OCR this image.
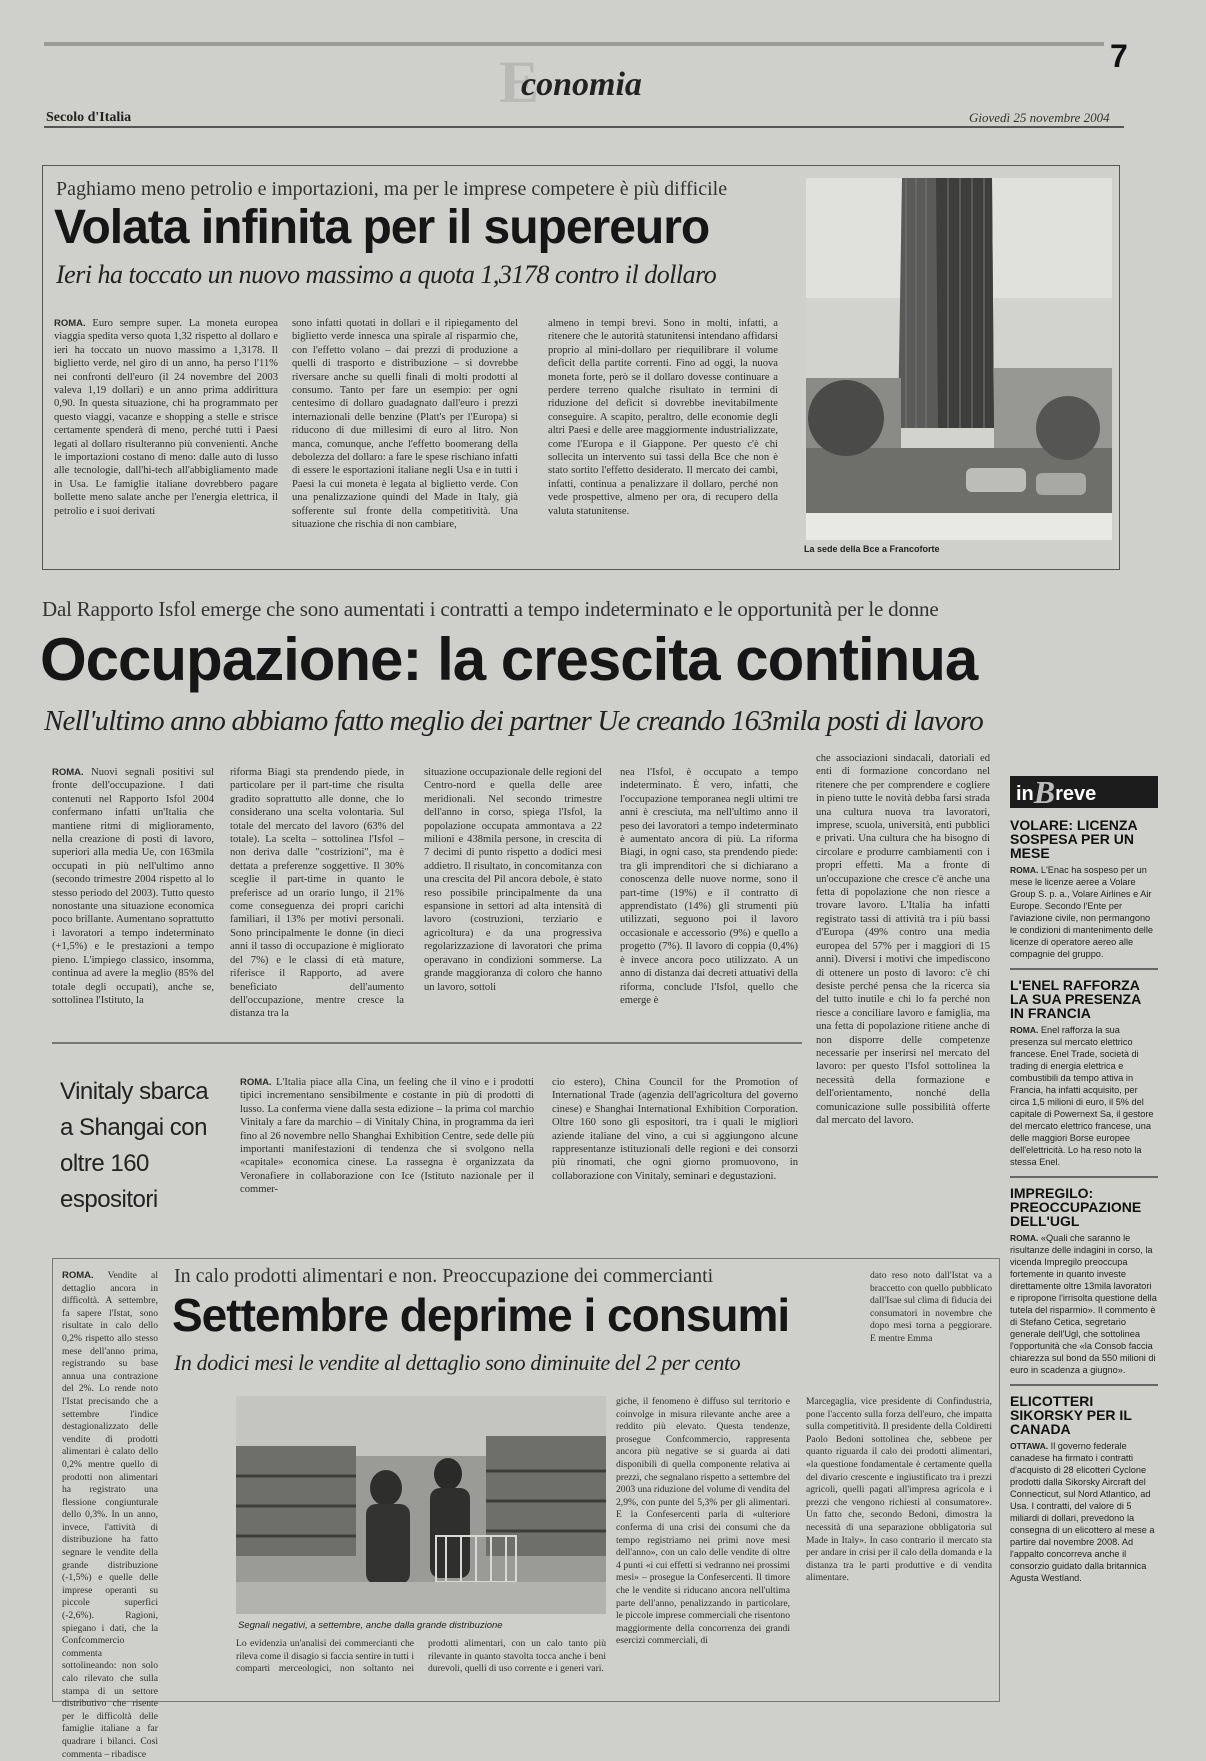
E
conomia
7
Secolo d'Italia	Giovedì 25 novembre 2004
Paghiamo meno petrolio e importazioni, ma per le imprese competere è più difficile
Volata infinita per il supereuro
Ieri ha toccato un nuovo massimo a quota 1,3178 contro il dollaro
ROMA. Euro sempre super. La moneta europea viaggia spedita verso quota 1,32 rispetto al dollaro e ieri ha toccato un nuovo massimo a 1,3178. Il biglietto verde, nel giro di un anno, ha perso l'11% nei confronti dell'euro (il 24 novembre del 2003 valeva 1,19 dollari) e un anno prima addirittura 0,90. In questa situazione, chi ha programmato per questo viaggi, vacanze e shopping a stelle e strisce certamente spenderà di meno, perché tutti i Paesi legati al dollaro risulteranno più convenienti. Anche le importazioni costano di meno: dalle auto di lusso alle tecnologie, dall'hi-tech all'abbigliamento made in Usa. Le famiglie italiane dovrebbero pagare bollette meno salate anche per l'energia elettrica, il petrolio e i suoi derivati
sono infatti quotati in dollari e il ripiegamento del biglietto verde innesca una spirale al risparmio che, con l'effetto volano – dai prezzi di produzione a quelli di trasporto e distribuzione – si dovrebbe riversare anche su quelli finali di molti prodotti al consumo. Tanto per fare un esempio: per ogni centesimo di dollaro guadagnato dall'euro i prezzi internazionali delle benzine (Platt's per l'Europa) si riducono di due millesimi di euro al litro. Non manca, comunque, anche l'effetto boomerang della debolezza del dollaro: a fare le spese rischiano infatti di essere le esportazioni italiane negli Usa e in tutti i Paesi la cui moneta è legata al biglietto verde. Con una penalizzazione quindi del Made in Italy, già sofferente sul fronte della competitività. Una situazione che rischia di non cambiare,
almeno in tempi brevi. Sono in molti, infatti, a ritenere che le autorità statunitensi intendano affidarsi proprio al mini-dollaro per riequilibrare il volume deficit della partite correnti. Fino ad oggi, la nuova moneta forte, però se il dollaro dovesse continuare a perdere terreno qualche risultato in termini di riduzione del deficit si dovrebbe inevitabilmente conseguire. A scapito, peraltro, delle economie degli altri Paesi e delle aree maggiormente industrializzate, come l'Europa e il Giappone. Per questo c'è chi sollecita un intervento sui tassi della Bce che non è stato sortito l'effetto desiderato. Il mercato dei cambi, infatti, continua a penalizzare il dollaro, perché non vede prospettive, almeno per ora, di recupero della valuta statunitense.
La sede della Bce a Francoforte
Dal Rapporto Isfol emerge che sono aumentati i contratti a tempo indeterminato e le opportunità per le donne
Occupazione: la crescita continua
Nell'ultimo anno abbiamo fatto meglio dei partner Ue creando 163mila posti di lavoro
ROMA. Nuovi segnali positivi sul fronte dell'occupazione. I dati contenuti nel Rapporto Isfol 2004 confermano infatti un'Italia che mantiene ritmi di miglioramento, nella creazione di posti di lavoro, superiori alla media Ue, con 163mila occupati in più nell'ultimo anno (secondo trimestre 2004 rispetto al lo stesso periodo del 2003). Tutto questo nonostante una situazione economica poco brillante. Aumentano soprattutto i lavoratori a tempo indeterminato (+1,5%) e le prestazioni a tempo pieno. L'impiego classico, insomma, continua ad avere la meglio (85% del totale degli occupati), anche se, sottolinea l'Istituto, la
riforma Biagi sta prendendo piede, in particolare per il part-time che risulta gradito soprattutto alle donne, che lo considerano una scelta volontaria. Sul totale del mercato del lavoro (63% del totale). La scelta – sottolinea l'Isfol – non deriva dalle "costrizioni", ma è dettata a preferenze soggettive. Il 30% sceglie il part-time in quanto le preferisce ad un orario lungo, il 21% come conseguenza dei propri carichi familiari, il 13% per motivi personali. Sono principalmente le donne (in dieci anni il tasso di occupazione è migliorato del 7%) e le classi di età mature, riferisce il Rapporto, ad avere beneficiato dell'aumento dell'occupazione, mentre cresce la distanza tra la
situazione occupazionale delle regioni del Centro-nord e quella delle aree meridionali. Nel secondo trimestre dell'anno in corso, spiega l'Isfol, la popolazione occupata ammontava a 22 milioni e 438mila persone, in crescita di 7 decimi di punto rispetto a dodici mesi addietro. Il risultato, in concomitanza con una crescita del Pil ancora debole, è stato reso possibile principalmente da una espansione in settori ad alta intensità di lavoro (costruzioni, terziario e agricoltura) e da una progressiva regolarizzazione di lavoratori che prima operavano in condizioni sommerse. La grande maggioranza di coloro che hanno un lavoro, sottoli
nea l'Isfol, è occupato a tempo indeterminato. È vero, infatti, che l'occupazione temporanea negli ultimi tre anni è cresciuta, ma nell'ultimo anno il peso dei lavoratori a tempo indeterminato è aumentato ancora di più. La riforma Biagi, in ogni caso, sta prendendo piede: tra gli imprenditori che si dichiarano a conoscenza delle nuove norme, sono il part-time (19%) e il contratto di apprendistato (14%) gli strumenti più utilizzati, seguono poi il lavoro occasionale e accessorio (9%) e quello a progetto (7%). Il lavoro di coppia (0,4%) è invece ancora poco utilizzato. A un anno di distanza dai decreti attuativi della riforma, conclude l'Isfol, quello che emerge è
che associazioni sindacali, datoriali ed enti di formazione concordano nel ritenere che per comprendere e cogliere in pieno tutte le novità debba farsi strada una cultura nuova tra lavoratori, imprese, scuola, università, enti pubblici e privati. Una cultura che ha bisogno di circolare e produrre cambiamenti con i propri effetti. Ma a fronte di un'occupazione che cresce c'è anche una fetta di popolazione che non riesce a trovare lavoro. L'Italia ha infatti registrato tassi di attività tra i più bassi d'Europa (49% contro una media europea del 57% per i maggiori di 15 anni). Diversi i motivi che impediscono di ottenere un posto di lavoro: c'è chi desiste perché pensa che la ricerca sia del tutto inutile e chi lo fa perché non riesce a conciliare lavoro e famiglia, ma una fetta di popolazione ritiene anche di non disporre delle competenze necessarie per inserirsi nel mercato del lavoro: per questo l'Isfol sottolinea la necessità della formazione e dell'orientamento, nonché della comunicazione sulle possibilità offerte dal mercato del lavoro.
Vinitaly sbarca a Shangai con oltre 160 espositori
ROMA. L'Italia piace alla Cina, un feeling che il vino e i prodotti tipici incrementano sensibilmente e costante in più di prodotti di lusso. La conferma viene dalla sesta edizione – la prima col marchio Vinitaly a fare da marchio – di Vinitaly China, in programma da ieri fino al 26 novembre nello Shanghai Exhibition Centre, sede delle più importanti manifestazioni di tendenza che si svolgono nella «capitale» economica cinese. La rassegna è organizzata da Veronafiere in collaborazione con Ice (Istituto nazionale per il commer-
cio estero), China Council for the Promotion of International Trade (agenzia dell'agricoltura del governo cinese) e Shanghai International Exhibition Corporation. Oltre 160 sono gli espositori, tra i quali le migliori aziende italiane del vino, a cui si aggiungono alcune rappresentanze istituzionali delle regioni e dei consorzi più rinomati, che ogni giorno promuovono, in collaborazione con Vinitaly, seminari e degustazioni.
in B reve
VOLARE: LICENZA SOSPESA PER UN MESE
ROMA. L'Enac ha sospeso per un mese le licenze aeree a Volare Group S. p. a., Volare Airlines e Air Europe. Secondo l'Ente per l'aviazione civile, non permangono le condizioni di mantenimento delle licenze di operatore aereo alle compagnie del gruppo.
L'ENEL RAFFORZA LA SUA PRESENZA IN FRANCIA
ROMA. Enel rafforza la sua presenza sul mercato elettrico francese. Enel Trade, società di trading di energia elettrica e combustibili da tempo attiva in Francia, ha infatti acquisito, per circa 1,5 milioni di euro, il 5% del capitale di Powernext Sa, il gestore del mercato elettrico francese, una delle maggiori Borse europee dell'elettricità. Lo ha reso noto la stessa Enel.
IMPREGILO: PREOCCUPAZIONE DELL'UGL
ROMA. «Quali che saranno le risultanze delle indagini in corso, la vicenda Impregilo preoccupa fortemente in quanto investe direttamente oltre 13mila lavoratori e ripropone l'irrisolta questione della tutela del risparmio». Il commento è di Stefano Cetica, segretario generale dell'Ugl, che sottolinea l'opportunità che «la Consob faccia chiarezza sul bond da 550 milioni di euro in scadenza a giugno».
ELICOTTERI SIKORSKY PER IL CANADA
OTTAWA. Il governo federale canadese ha firmato i contratti d'acquisto di 28 elicotteri Cyclone prodotti dalla Sikorsky Aircraft del Connecticut, sul Nord Atlantico, ad Usa. I contratti, del valore di 5 miliardi di dollari, prevedono la consegna di un elicottero al mese a partire dal novembre 2008. Ad l'appalto concorreva anche il consorzio guidato dalla britannica Agusta Westland.
ROMA. Vendite al dettaglio ancora in difficoltà. A settembre, fa sapere l'Istat, sono risultate in calo dello 0,2% rispetto allo stesso mese dell'anno prima, registrando su base annua una contrazione del 2%. Lo rende noto l'Istat precisando che a settembre l'indice destagionalizzato delle vendite di prodotti alimentari è calato dello 0,2% mentre quello di prodotti non alimentari ha registrato una flessione congiunturale dello 0,3%. In un anno, invece, l'attività di distribuzione ha fatto segnare le vendite della grande distribuzione (-1,5%) e quelle delle imprese operanti su piccole superfici (-2,6%). Ragioni, spiegano i dati, che la Confcommercio commenta sottolineando: non solo calo rilevato che sulla stampa di un settore distributivo che risente per le difficoltà delle famiglie italiane a far quadrare i bilanci. Così commenta – ribadisce
In calo prodotti alimentari e non. Preoccupazione dei commercianti
Settembre deprime i consumi
In dodici mesi le vendite al dettaglio sono diminuite del 2 per cento
dato reso noto dall'Istat va a braccetto con quello pubblicato dall'Isae sul clima di fiducia dei consumatori in novembre che dopo mesi torna a peggiorare. E mentre Emma
Segnali negativi, a settembre, anche dalla grande distribuzione
Lo evidenzia un'analisi dei commercianti che rileva come il disagio si faccia sentire in tutti i comparti merceologici, non soltanto nei prodotti alimentari, con un calo tanto più rilevante in quanto stavolta tocca anche i beni durevoli, quelli di uso corrente e i generi vari.
giche, il fenomeno è diffuso sul territorio e coinvolge in misura rilevante anche aree a reddito più elevato. Questa tendenze, prosegue Confcommercio, rappresenta ancora più negative se si guarda ai dati disponibili di quella componente relativa ai prezzi, che segnalano rispetto a settembre del 2003 una riduzione del volume di vendita del 2,9%, con punte del 5,3% per gli alimentari. E la Confesercenti parla di «ulteriore conferma di una crisi dei consumi che da tempo registriamo nei primi nove mesi dell'anno», con un calo delle vendite di oltre 4 punti «i cui effetti si vedranno nei prossimi mesi» – prosegue la Confesercenti. Il timore che le vendite si riducano ancora nell'ultima parte dell'anno, penalizzando in particolare, le piccole imprese commerciali che risentono maggiormente della concorrenza dei grandi esercizi commerciali, di
Marcegaglia, vice presidente di Confindustria, pone l'accento sulla forza dell'euro, che impatta sulla competitività. Il presidente della Coldiretti Paolo Bedoni sottolinea che, sebbene per quanto riguarda il calo dei prodotti alimentari, «la questione fondamentale è certamente quella del divario crescente e ingiustificato tra i prezzi agricoli, quelli pagati all'impresa agricola e i prezzi che vengono richiesti al consumatore». Un fatto che, secondo Bedoni, dimostra la necessità di una separazione obbligatoria sul Made in Italy». In caso contrario il mercato sta per andare in crisi per il calo della domanda e la distanza tra le parti produttive e di vendita alimentare.
